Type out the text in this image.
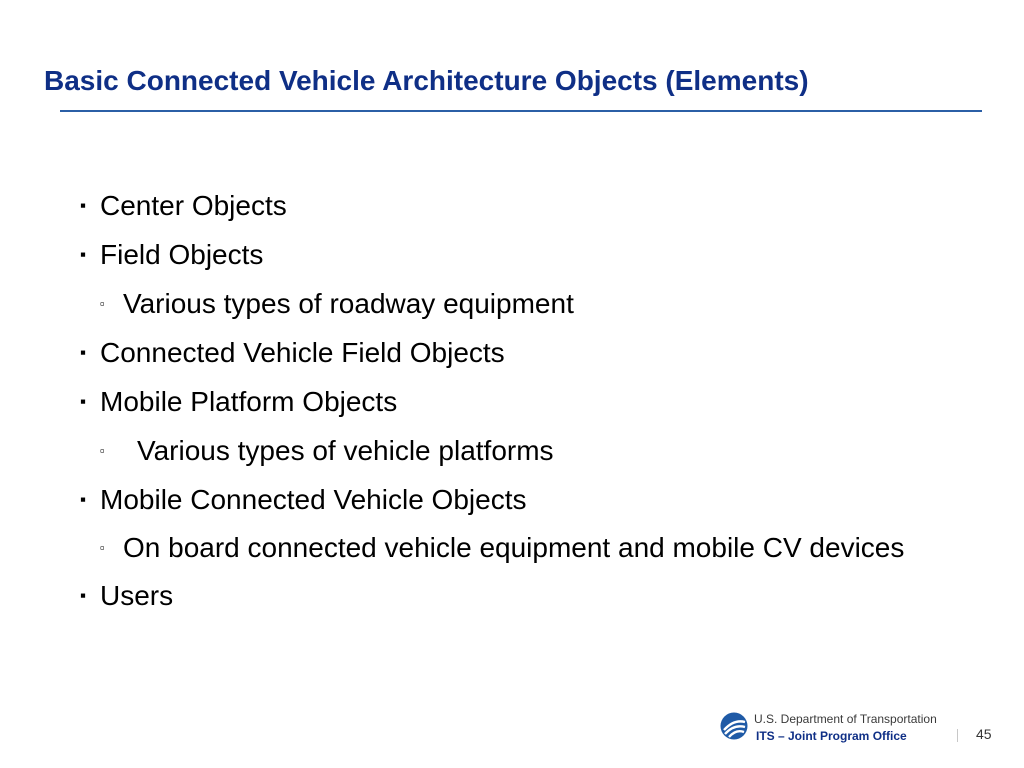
Basic Connected Vehicle Architecture Objects (Elements)
▪ Center Objects
▪ Field Objects
▫ Various types of roadway equipment
▪ Connected Vehicle Field Objects
▪ Mobile Platform Objects
▫ Various types of vehicle platforms
▪ Mobile Connected Vehicle Objects
▫ On board connected vehicle equipment and mobile CV devices
▪ Users
U.S. Department of Transportation
ITS – Joint Program Office	45
